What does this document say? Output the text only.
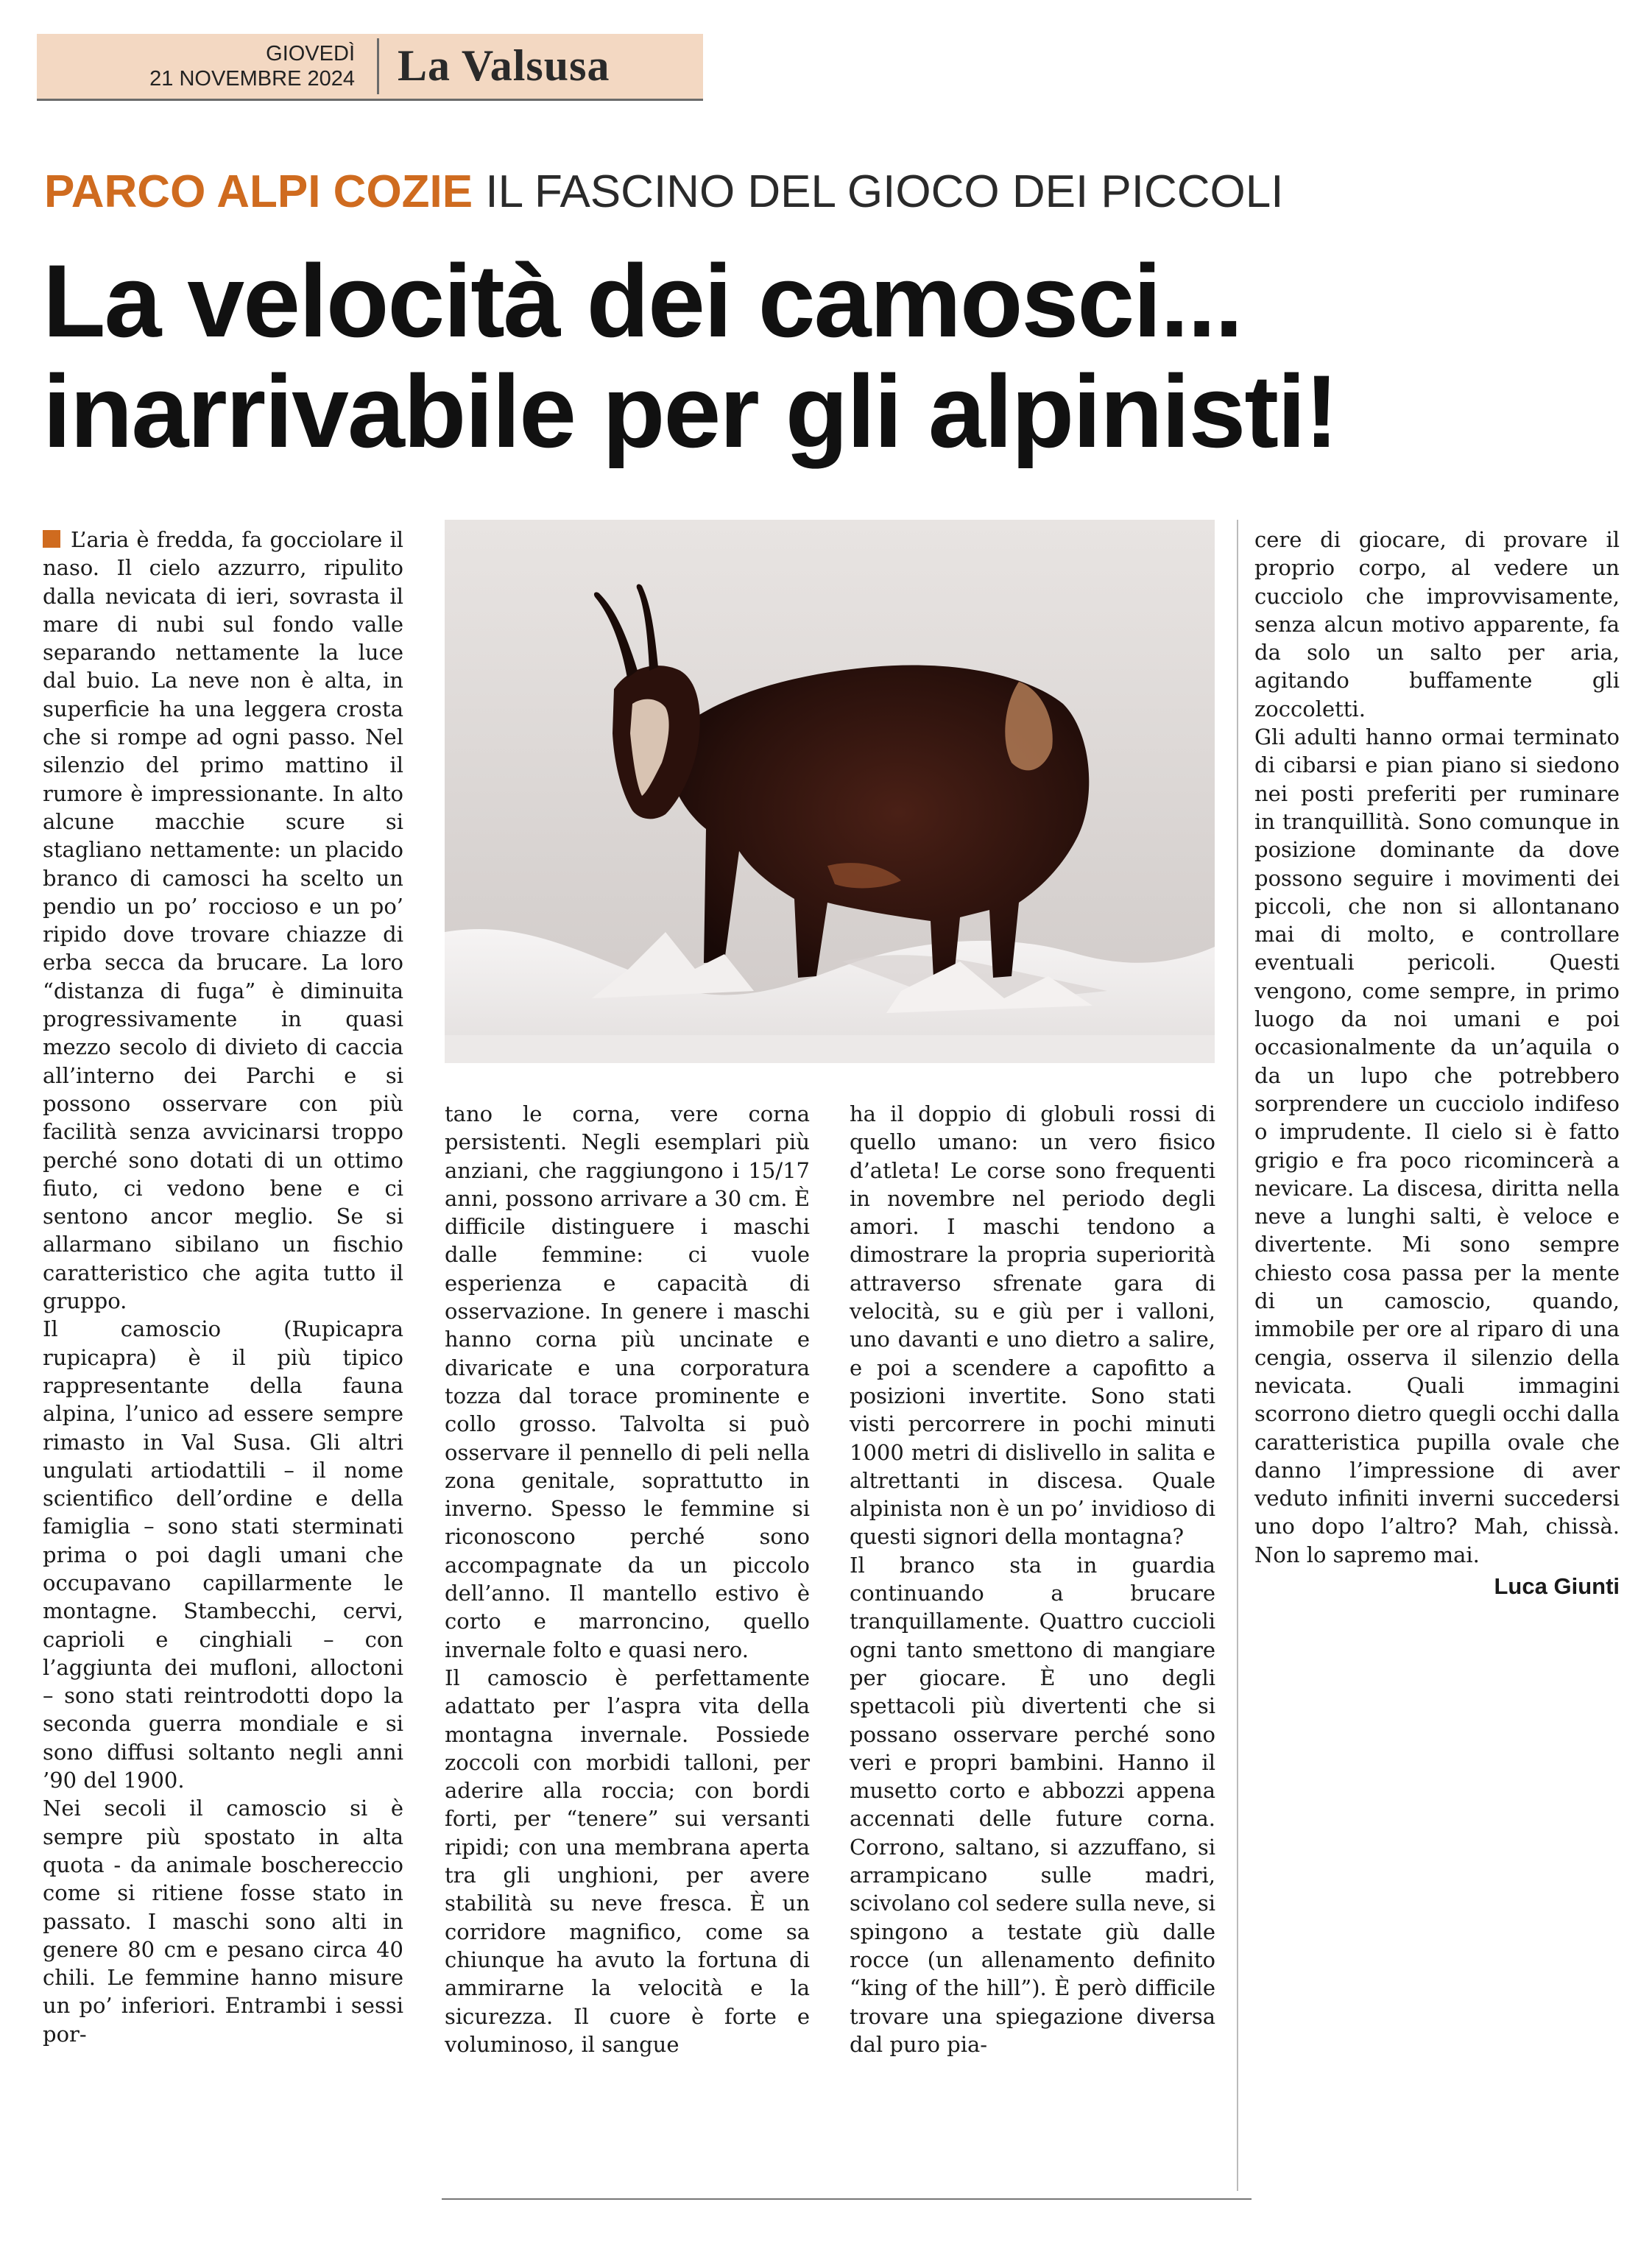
GIOVEDÌ
21 NOVEMBRE 2024 La Valsusa
PARCO ALPI COZIE IL FASCINO DEL GIOCO DEI PICCOLI
La velocità dei camosci...
inarrivabile per gli alpinisti!

L’aria è fredda, fa gocciolare il naso. Il cielo azzurro, ripulito dalla nevicata di ieri, sovrasta il mare di nubi sul fondo valle separando nettamente la luce dal buio. La neve non è alta, in superficie ha una leggera crosta che si rompe ad ogni passo. Nel silenzio del primo mattino il rumore è impressionante. In alto alcune macchie scure si stagliano nettamente: un placido branco di camosci ha scelto un pendio un po’ roccioso e un po’ ripido dove trovare chiazze di erba secca da brucare. La loro “distanza di fuga” è diminuita progressivamente in quasi mezzo secolo di divieto di caccia all’interno dei Parchi e si possono osservare con più facilità senza avvicinarsi troppo perché sono dotati di un ottimo fiuto, ci vedono bene e ci sentono ancor meglio. Se si allarmano sibilano un fischio caratteristico che agita tutto il gruppo.

Il camoscio (Rupicapra rupicapra) è il più tipico rappresentante della fauna alpina, l’unico ad essere sempre rimasto in Val Susa. Gli altri ungulati artiodattili – il nome scientifico dell’ordine e della famiglia – sono stati sterminati prima o poi dagli umani che occupavano capillarmente le montagne. Stambecchi, cervi, caprioli e cinghiali – con l’aggiunta dei mufloni, alloctoni – sono stati reintrodotti dopo la seconda guerra mondiale e si sono diffusi soltanto negli anni ’90 del 1900.

Nei secoli il camoscio si è sempre più spostato in alta quota - da animale boschereccio come si ritiene fosse stato in passato. I maschi sono alti in genere 80 cm e pesano circa 40 chili. Le femmine hanno misure un po’ inferiori. Entrambi i sessi por-

tano le corna, vere corna persistenti. Negli esemplari più anziani, che raggiungono i 15/17 anni, possono arrivare a 30 cm. È difficile distinguere i maschi dalle femmine: ci vuole esperienza e capacità di osservazione. In genere i maschi hanno corna più uncinate e divaricate e una corporatura tozza dal torace prominente e collo grosso. Talvolta si può osservare il pennello di peli nella zona genitale, soprattutto in inverno. Spesso le femmine si riconoscono perché sono accompagnate da un piccolo dell’anno. Il mantello estivo è corto e marroncino, quello invernale folto e quasi nero.

Il camoscio è perfettamente adattato per l’aspra vita della montagna invernale. Possiede zoccoli con morbidi talloni, per aderire alla roccia; con bordi forti, per “tenere” sui versanti ripidi; con una membrana aperta tra gli unghioni, per avere stabilità su neve fresca. È un corridore magnifico, come sa chiunque ha avuto la fortuna di ammirarne la velocità e la sicurezza. Il cuore è forte e voluminoso, il sangue

ha il doppio di globuli rossi di quello umano: un vero fisico d’atleta! Le corse sono frequenti in novembre nel periodo degli amori. I maschi tendono a dimostrare la propria superiorità attraverso sfrenate gara di velocità, su e giù per i valloni, uno davanti e uno dietro a salire, e poi a scendere a capofitto a posizioni invertite. Sono stati visti percorrere in pochi minuti 1000 metri di dislivello in salita e altrettanti in discesa. Quale alpinista non è un po’ invidioso di questi signori della montagna?

Il branco sta in guardia continuando a brucare tranquillamente. Quattro cuccioli ogni tanto smettono di mangiare per giocare. È uno degli spettacoli più divertenti che si possano osservare perché sono veri e propri bambini. Hanno il musetto corto e abbozzi appena accennati delle future corna. Corrono, saltano, si azzuffano, si arrampicano sulle madri, scivolano col sedere sulla neve, si spingono a testate giù dalle rocce (un allenamento definito “king of the hill”). È però difficile trovare una spiegazione diversa dal puro pia-

cere di giocare, di provare il proprio corpo, al vedere un cucciolo che improvvisamente, senza alcun motivo apparente, fa da solo un salto per aria, agitando buffamente gli zoccoletti.

Gli adulti hanno ormai terminato di cibarsi e pian piano si siedono nei posti preferiti per ruminare in tranquillità. Sono comunque in posizione dominante da dove possono seguire i movimenti dei piccoli, che non si allontanano mai di molto, e controllare eventuali pericoli. Questi vengono, come sempre, in primo luogo da noi umani e poi occasionalmente da un’aquila o da un lupo che potrebbero sorprendere un cucciolo indifeso o imprudente. Il cielo si è fatto grigio e fra poco ricomincerà a nevicare. La discesa, diritta nella neve a lunghi salti, è veloce e divertente. Mi sono sempre chiesto cosa passa per la mente di un camoscio, quando, immobile per ore al riparo di una cengia, osserva il silenzio della nevicata. Quali immagini scorrono dietro quegli occhi dalla caratteristica pupilla ovale che danno l’impressione di aver veduto infiniti inverni succedersi uno dopo l’altro? Mah, chissà. Non lo sapremo mai.

Luca Giunti
